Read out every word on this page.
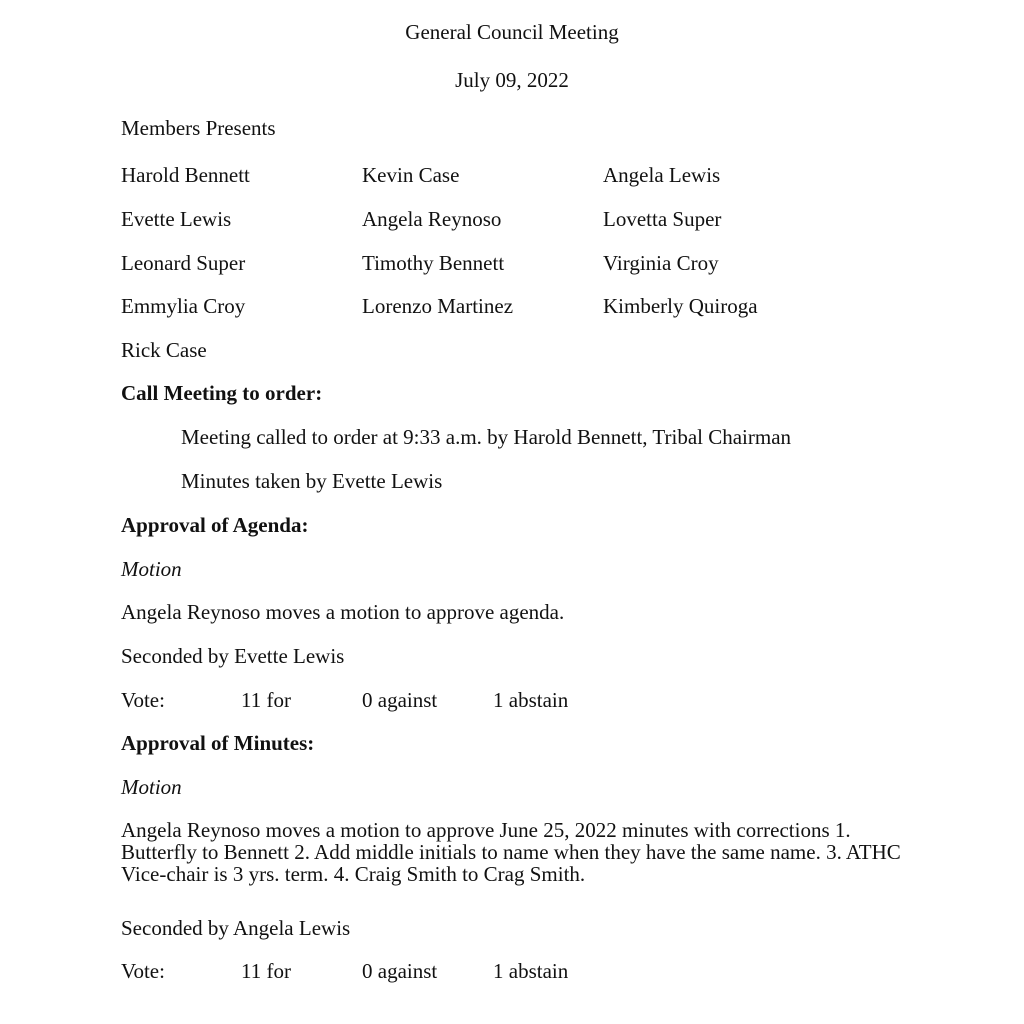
General Council Meeting
July 09, 2022
Members Presents
Harold Bennett	Kevin Case	Angela Lewis
Evette Lewis	Angela Reynoso	Lovetta Super
Leonard Super	Timothy Bennett	Virginia Croy
Emmylia Croy	Lorenzo Martinez	Kimberly Quiroga
Rick Case
Call Meeting to order:
Meeting called to order at 9:33 a.m. by Harold Bennett, Tribal Chairman
Minutes taken by Evette Lewis
Approval of Agenda:
Motion
Angela Reynoso moves a motion to approve agenda.
Seconded by Evette Lewis
Vote:	11 for	0 against	1 abstain
Approval of Minutes:
Motion
Angela Reynoso moves a motion to approve June 25, 2022 minutes with corrections 1. Butterfly to Bennett 2. Add middle initials to name when they have the same name. 3. ATHC Vice-chair is 3 yrs. term. 4. Craig Smith to Crag Smith.
Seconded by Angela Lewis
Vote:	11 for	0 against	1 abstain
